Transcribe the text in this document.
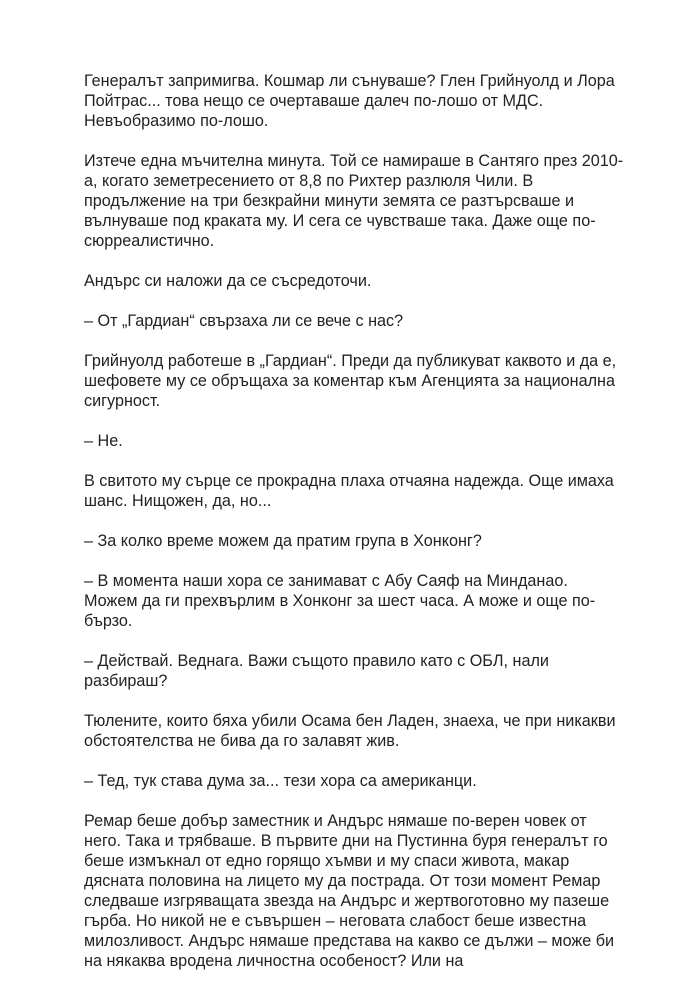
Генералът запримигва. Кошмар ли сънуваше? Глен Грийнуолд и Лора Пойтрас... това нещо се очертаваше далеч по-лошо от МДС. Невъобразимо по-лошо.

Изтече една мъчителна минута. Той се намираше в Сантяго през 2010-а, когато земетресението от 8,8 по Рихтер разлюля Чили. В продължение на три безкрайни минути земята се разтърсваше и вълнуваше под краката му. И сега се чувстваше така. Даже още по-сюрреалистично.

Андърс си наложи да се съсредоточи.

– От „Гардиан“ свързаха ли се вече с нас?

Грийнуолд работеше в „Гардиан“. Преди да публикуват каквото и да е, шефовете му се обръщаха за коментар към Агенцията за национална сигурност.

– Не.

В свитото му сърце се прокрадна плаха отчаяна надежда. Още имаха шанс. Нищожен, да, но...

– За колко време можем да пратим група в Хонконг?

– В момента наши хора се занимават с Абу Саяф на Минданао. Можем да ги прехвърлим в Хонконг за шест часа. А може и още по-бързо.

– Действай. Веднага. Важи същото правило като с ОБЛ, нали разбираш?

Тюлените, които бяха убили Осама бен Ладен, знаеха, че при никакви обстоятелства не бива да го залавят жив.

– Тед, тук става дума за... тези хора са американци.

Ремар беше добър заместник и Андърс нямаше по-верен човек от него. Така и трябваше. В първите дни на Пустинна буря генералът го беше измъкнал от едно горящо хъмви и му спаси живота, макар дясната половина на лицето му да пострада. От този момент Ремар следваше изгряващата звезда на Андърс и жертвоготовно му пазеше гърба. Но никой не е съвършен – неговата слабост беше известна милозливост. Андърс нямаше представа на какво се дължи – може би на някаква вродена личностна особеност? Или на
